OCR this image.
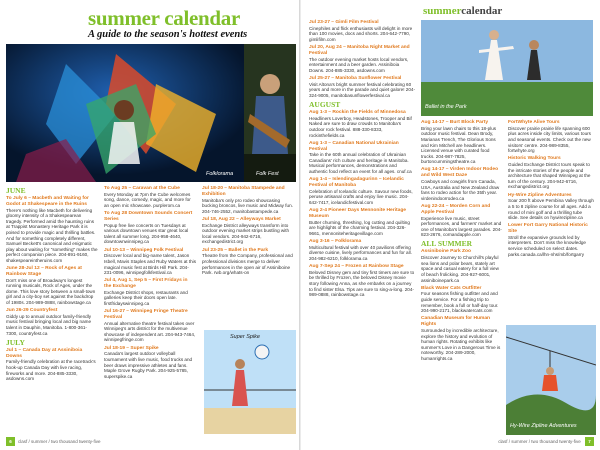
summer calendar
A guide to the season's hottest events
Folklorama	Folk Fest
JUNE
To July 6 – Macbeth and Waiting for Godot at Shakespeare in the Ruins
There's nothing like Macbeth for delivering gloomy intensity of a Shakespearean tragedy. Performed amid the haunting ruins at Trappist Monastery Heritage Park it is poised to provide magic and thrilling battles. And for something completely different, Samuel Beckett's canonical and enigmatic play about waiting for "something" makes the perfect companion piece. 204-891-9160, shakespeareintheruins.com
June 28-Jul 12 – Rock of Ages at Rainbow Stage
Don't miss one of Broadway's longest running musicals, Rock of Ages, under the dome. This love story between a small-town girl and a city-boy set against the backdrop of 1980s. 204-989-0888, rainbowstage.ca
Jun 26-29 Countryfest
Giddy up to annual outdoor family-friendly music festival bringing local and big name talent in Dauphin, Manitoba. 1-800-361-7300, countryfest.ca
JULY
Jul 1 – Canada Day at Assiniboia Downs
Family-friendly celebration at the racetrack's hook-up Canada Day with live racing, fireworks and more. 204-885-3330, asdowns.com
To Aug 25 – Caravan at the Cube
Every Monday at 7pm the Cube welcomes song, dance, comedy, magic, and more for an open mic showcase. purplerom.ca
To Aug 28 Downtown Sounds Concert Series
Popup free live concerts on Tuesdays at various downtown venues star great local talent all summer long. 204-958-4640, downtownwinnipeg.ca
Jul 10-13 – Winnipeg Folk Festival
Discover local and big-name talent, Jason Isbell, Mavis Staples and Ruby Waters at this magical music fest at Birds Hill Park. 204-231-0096, winnipegfolkfestival.ca
Jul 4, Aug 1, Sep 5 – First Fridays in the Exchange
Exchange District shops, restaurants and galleries keep their doors open late. firstfridayswinnipeg.ca
Jul 16-27 – Winnipeg Fringe Theatre Festival
Annual alternative theatre festival takes over Winnipeg's arts district for the multivenue showcase of independent art. 204-943-7464, winnipegfringe.com
Jul 18-19 – Super Spike
Canada's largest outdoor volleyball tournament with live music, food trucks and beer draws impressive athletes and fans. Maple Grove Rugby Park. 204-925-5785, superspike.ca
Jul 18-20 – Manitoba Stampede and Exhibition
Manitoba's only pro rodeo showcasing bucking broncos, live music and Midway fun. 204-746-2552, manitobastampede.ca
Jul 18, Aug 22 – Alleyways Market
Exchange District alleyways transform into outdoor evening market strips bustling with local vendors. 204-942-6716, exchangedistrict.org
Jul 23-25 – Ballet in the Park
Theatre from the Company, professional and professional divisions merge to deliver performances in the open air of Assiniboine Park. rwb.org/whats-on
Super Spike
6 clasf / summer / two thousand twenty-five
summercalendar
Ballet in the Park
Jul 23-27 – Gimli Film Festival
Cinephiles and flick enthusiasts will delight in more than 100 movies, docs and shorts. 204-642-7790, gimlifilm.com
Jul 20, Aug 24 – Manitoba Night Market and Festival
The outdoor evening market hosts local vendors, entertainment and a beer garden. Assiniboia Downs. 204-885-3330, asdowns.com
Jul 25-27 – Manitoba Sunflower Festival
Visit Altona's bright summer festival celebrating 60 years and more in the parade and quiet galore! 204-324-9005, manitobasunflowerfestival.ca
AUGUST
Aug 1-3 – Rockin the Fields of Minnedosa
Headliners Loverboy, Headstones, Trooper and Bif Naked are sure to draw crowds to Manitoba's outdoor rock festival. 888-330-8333, rockinthefields.ca
Aug 1-3 – Canadian National Ukrainian Festival
Take in the 60th annual celebration of Ukrainian Canadians' rich culture and heritage in Manitoba. Musical performances, demonstrations and authentic food reflect an event for all ages. cnuf.ca
Aug 1-4 – Islendingadagurinn – Icelandic Festival of Manitoba
Celebration of Icelandic culture. Savour new foods, peruse artisanal crafts and enjoy live music. 204-642-7417, icelandicfestival.com
Aug 2-4 Pioneer Days Mennonite Heritage Museum
Butter churning, threshing, log cutting and quilting are highlights of the charming festival. 204-326-9661, mennoniteheritagevillage.com
Aug 3-16 – Folklorama
Multicultural festival with over 40 pavilions offering diverse cuisine, lively performances and fun for all. 204-982-6210, folklorama.ca
Aug 7-Sep 24 – Frozen at Rainbow Stage
Beloved Disney gem and tiny first timers are sure to be thrilled by Frozen, the beloved Disney movie story following Anna, as she embarks on a journey to find sister Elsa. Tips are sure to sing-a-long. 204-989-0888, rainbowstage.ca
Aug 14-17 – Burt Block Party
Bring your lawn chairs to this 18-plus outdoor music festival. Dean Brody, Marianas Trench, The Glorious Sons and Kim Mitchell are headliners. Licensed venue with curated food trucks. 204-987-7825, burtoncummingstheatre.ca
Aug 14-17 – Virden Indoor Rodeo and Wild West Daze
Cowboys and cowgirls from Canada, USA, Australia and New Zealand draw fans to rodeo action for the 35th year. virdenindoorrodeo.ca
Aug 22-24 – Morden Corn and Apple Festival
Experience live music, street performances, and farmers' market and one of Manitoba's largest parades. 204-823-2676, cornandapple.com
ALL SUMMER
Assiniboine Park Zoo
Discover Journey to Churchill's playful sea lions and polar bears, stately art space and casual eatery for a full view of beach frolicking. 204-927-6001, assiniboinepark.ca
Black Water Cats Outfitter
Four seasons fishing outfitter and and guide service. For a fishing trip to remember, book a full or half-day tour. 204-990-2171, blackwatercats.com
Canadian Museum for Human Rights
Surrounded by incredible architecture, explore the history and evolution of human rights. Rotating exhibits like summer's Love in a Dangerous Time is noteworthy. 204-289-2000, humanrights.ca
FortWhyte Alive Tours
Discover prairie prairie life spanning 600 plus acres inside city limits, various tours and seasonal events. Check out the new visitors' centre. 204-989-8355, fortwhyte.org
Historic Walking Tours
Guided Exchange District tours speak to the intricate stories of the people and architecture that shaped Winnipeg at the turn of the century. 204-942-6716, exchangedistrict.org
Hy-Wire Zipline Adventures
Soar 200 ft above Pembina Valley through a 5 to 8 zipline course for all ages. Add a round of mini golf and a thrilling tube slide. See details on hywirezipline.ca
Lower Fort Garry National Historic Site
Stroll the expansive grounds led by interpreters. Don't miss the knowledge service scheduled on select dates. parks.canada.ca/lhn-nhs/mb/fortgarry
Hy-Wire Zipline Adventures
clasf / summer / two thousand twenty-five 7
